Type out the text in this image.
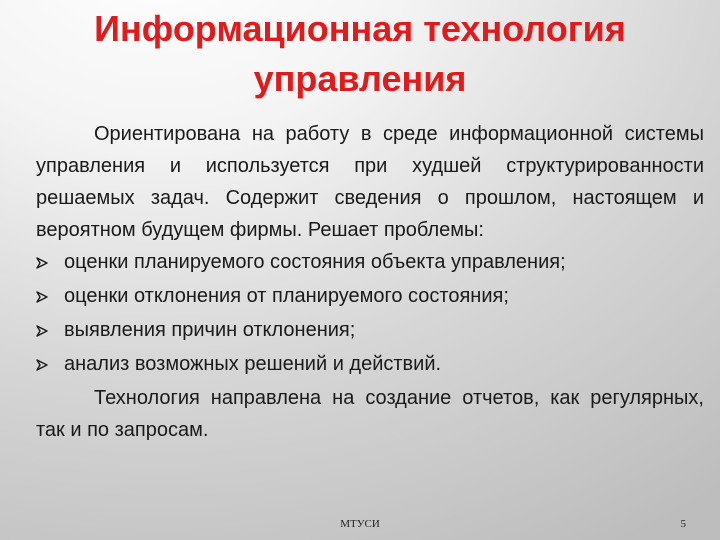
Информационная технология
управления

Ориентирована на работу в среде информационной системы управления и используется при худшей структурированности решаемых задач. Содержит сведения о прошлом, настоящем и вероятном будущем фирмы. Решает проблемы:

оценки планируемого состояния объекта управления;
оценки отклонения от планируемого состояния;
выявления причин отклонения;
анализ возможных решений и действий.

Технология направлена на создание отчетов, как регулярных, так и по запросам.

МТУСИ	5
